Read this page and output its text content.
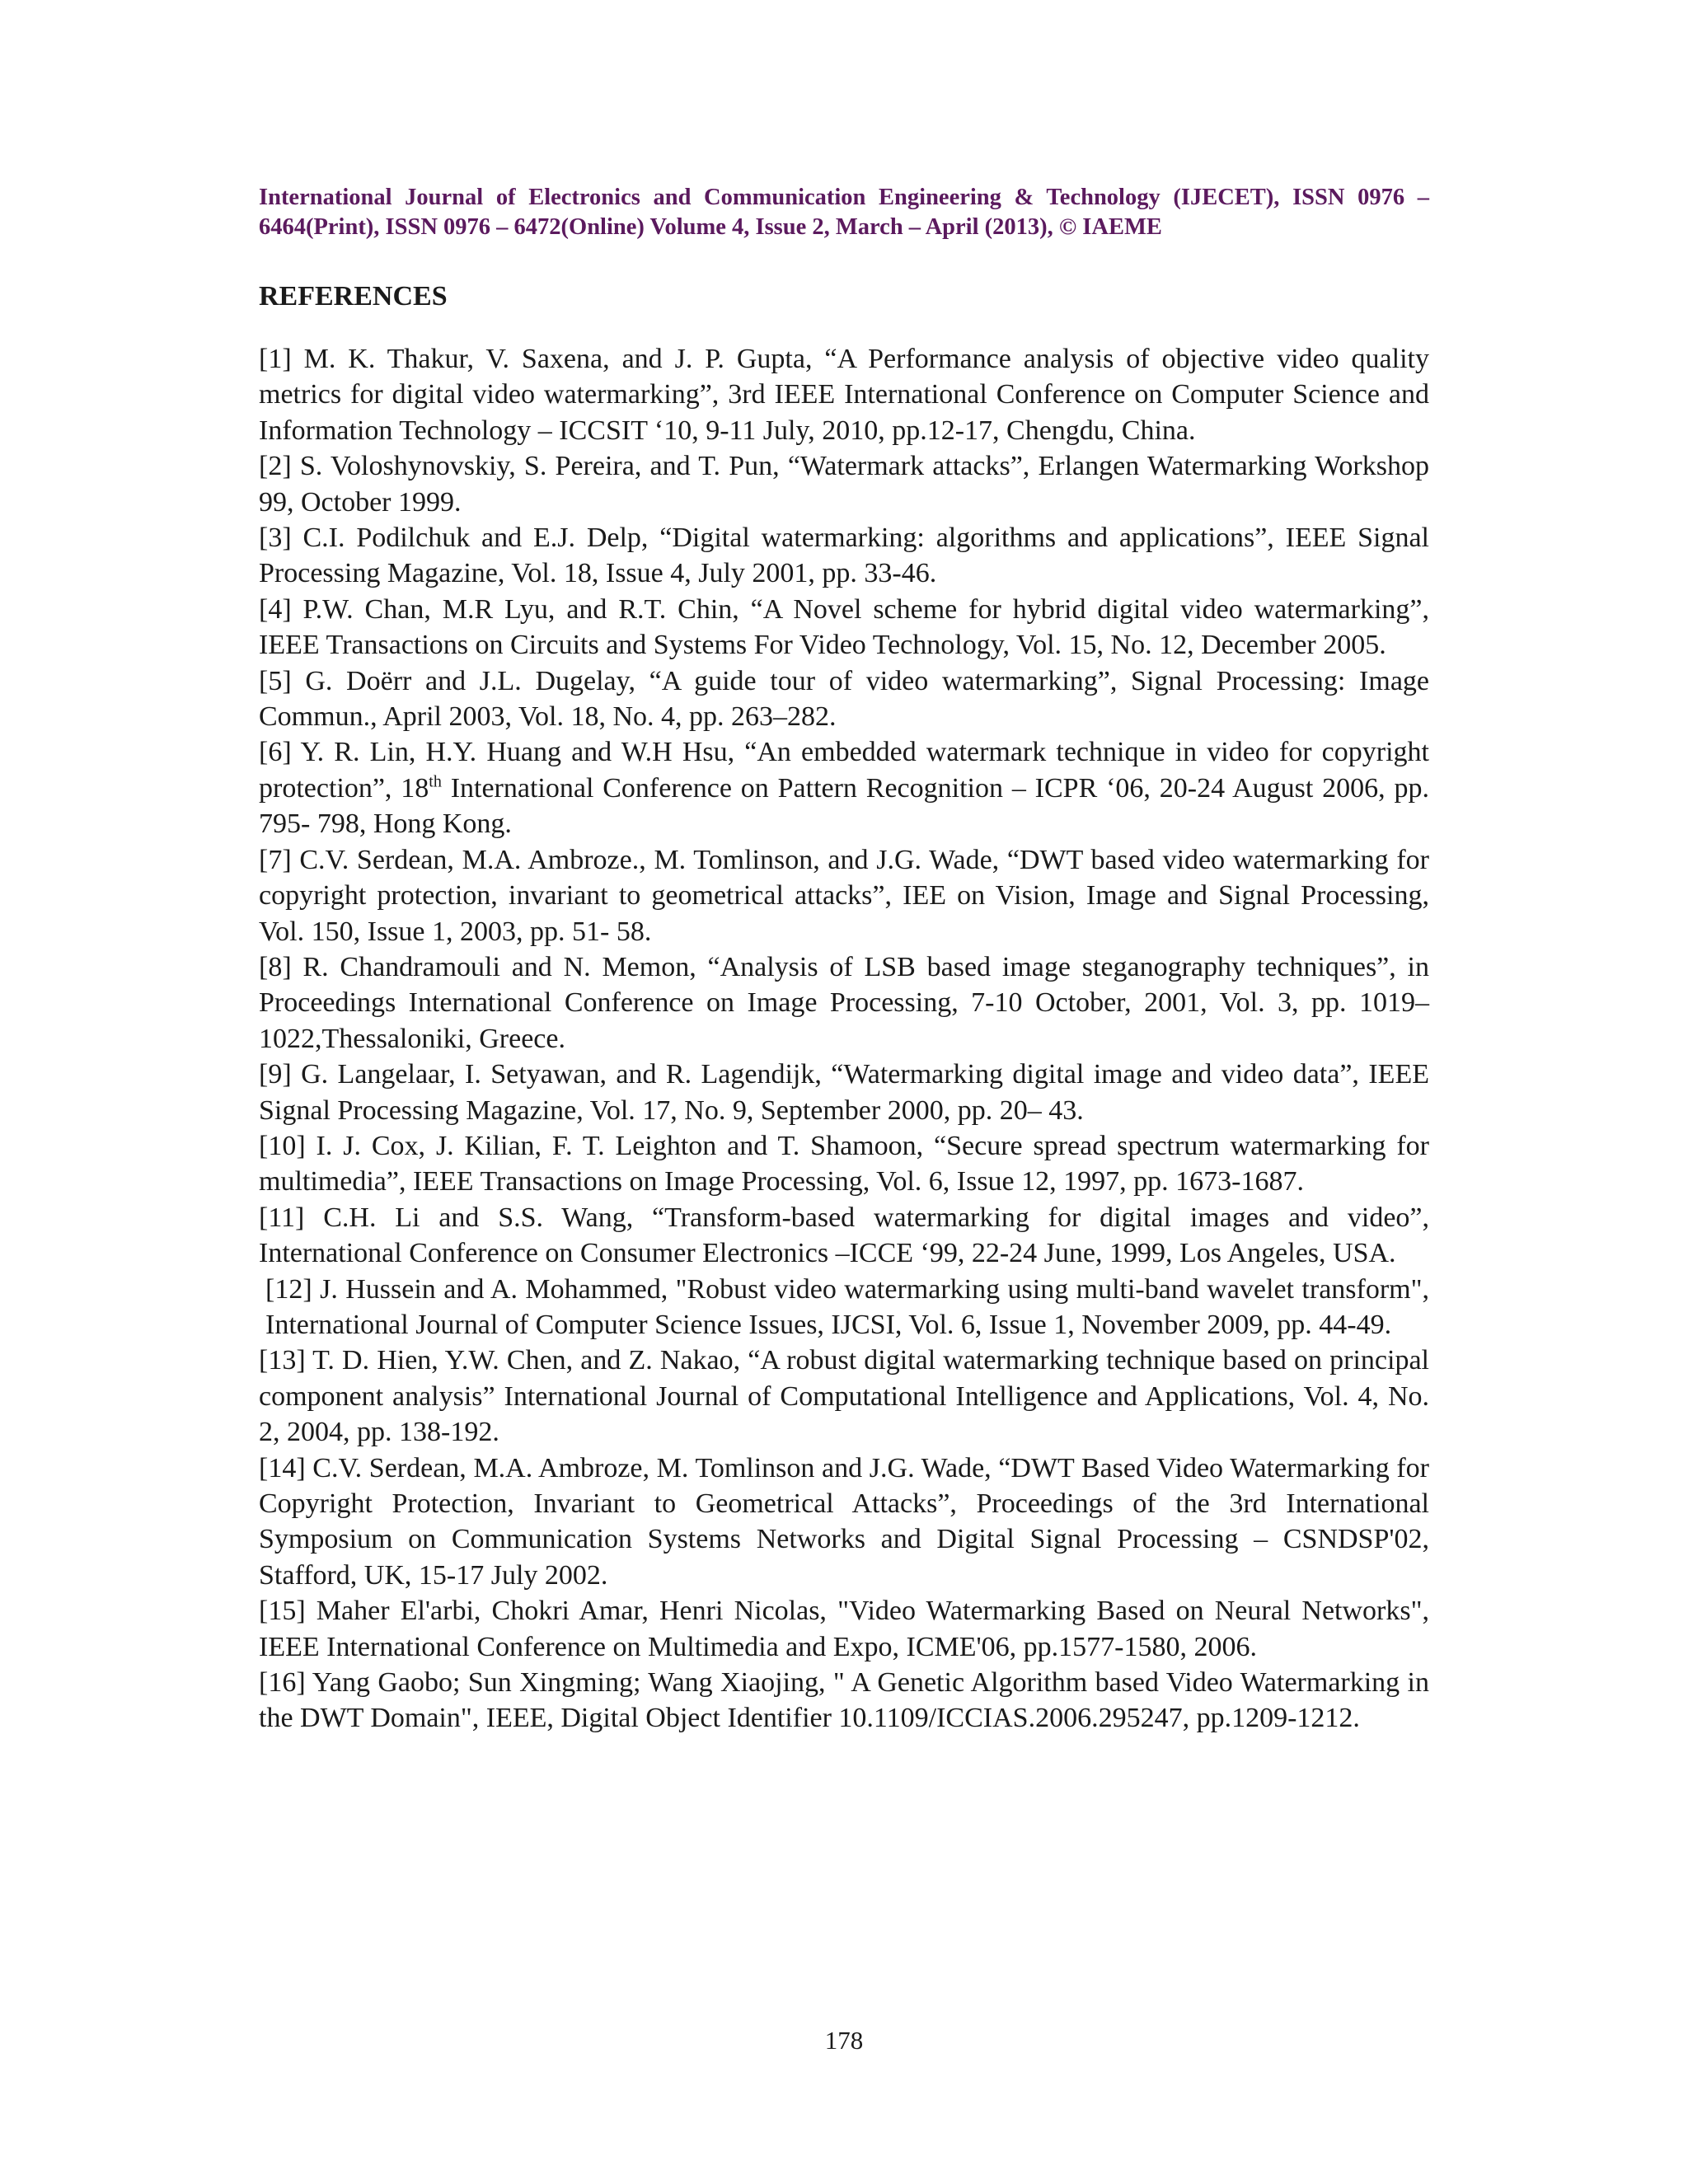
International Journal of Electronics and Communication Engineering & Technology (IJECET), ISSN 0976 – 6464(Print), ISSN 0976 – 6472(Online) Volume 4, Issue 2, March – April (2013), © IAEME

REFERENCES

[1] M. K. Thakur, V. Saxena, and J. P. Gupta, “A Performance analysis of objective video quality metrics for digital video watermarking”, 3rd IEEE International Conference on Computer Science and Information Technology – ICCSIT ‘10, 9-11 July, 2010, pp.12-17, Chengdu, China.

[2] S. Voloshynovskiy, S. Pereira, and T. Pun, “Watermark attacks”, Erlangen Watermarking Workshop 99, October 1999.

[3] C.I. Podilchuk and E.J. Delp, “Digital watermarking: algorithms and applications”, IEEE Signal Processing Magazine, Vol. 18, Issue 4, July 2001, pp. 33-46.

[4] P.W. Chan, M.R Lyu, and R.T. Chin, “A Novel scheme for hybrid digital video watermarking”, IEEE Transactions on Circuits and Systems For Video Technology, Vol. 15, No. 12, December 2005.

[5] G. Doërr and J.L. Dugelay, “A guide tour of video watermarking”, Signal Processing: Image Commun., April 2003, Vol. 18, No. 4, pp. 263–282.

[6] Y. R. Lin, H.Y. Huang and W.H Hsu, “An embedded watermark technique in video for copyright protection”, 18th International Conference on Pattern Recognition – ICPR ‘06, 20-24 August 2006, pp. 795- 798, Hong Kong.

[7] C.V. Serdean, M.A. Ambroze., M. Tomlinson, and J.G. Wade, “DWT based video watermarking for copyright protection, invariant to geometrical attacks”, IEE on Vision, Image and Signal Processing, Vol. 150, Issue 1, 2003, pp. 51- 58.

[8] R. Chandramouli and N. Memon, “Analysis of LSB based image steganography techniques”, in Proceedings International Conference on Image Processing, 7-10 October, 2001, Vol. 3, pp. 1019–1022,Thessaloniki, Greece.

[9] G. Langelaar, I. Setyawan, and R. Lagendijk, “Watermarking digital image and video data”, IEEE Signal Processing Magazine, Vol. 17, No. 9, September 2000, pp. 20– 43.

[10] I. J. Cox, J. Kilian, F. T. Leighton and T. Shamoon, “Secure spread spectrum watermarking for multimedia”, IEEE Transactions on Image Processing, Vol. 6, Issue 12, 1997, pp. 1673-1687.

[11] C.H. Li and S.S. Wang, “Transform-based watermarking for digital images and video”, International Conference on Consumer Electronics –ICCE ‘99, 22-24 June, 1999, Los Angeles, USA.

[12] J. Hussein and A. Mohammed, "Robust video watermarking using multi-band wavelet transform", International Journal of Computer Science Issues, IJCSI, Vol. 6, Issue 1, November 2009, pp. 44-49.

[13] T. D. Hien, Y.W. Chen, and Z. Nakao, “A robust digital watermarking technique based on principal component analysis” International Journal of Computational Intelligence and Applications, Vol. 4, No. 2, 2004, pp. 138-192.

[14] C.V. Serdean, M.A. Ambroze, M. Tomlinson and J.G. Wade, “DWT Based Video Watermarking for Copyright Protection, Invariant to Geometrical Attacks”, Proceedings of the 3rd International Symposium on Communication Systems Networks and Digital Signal Processing – CSNDSP'02, Stafford, UK, 15-17 July 2002.

[15] Maher El'arbi, Chokri Amar, Henri Nicolas, "Video Watermarking Based on Neural Networks", IEEE International Conference on Multimedia and Expo, ICME'06, pp.1577-1580, 2006.

[16] Yang Gaobo; Sun Xingming; Wang Xiaojing, " A Genetic Algorithm based Video Watermarking in the DWT Domain", IEEE, Digital Object Identifier 10.1109/ICCIAS.2006.295247, pp.1209-1212.

178
